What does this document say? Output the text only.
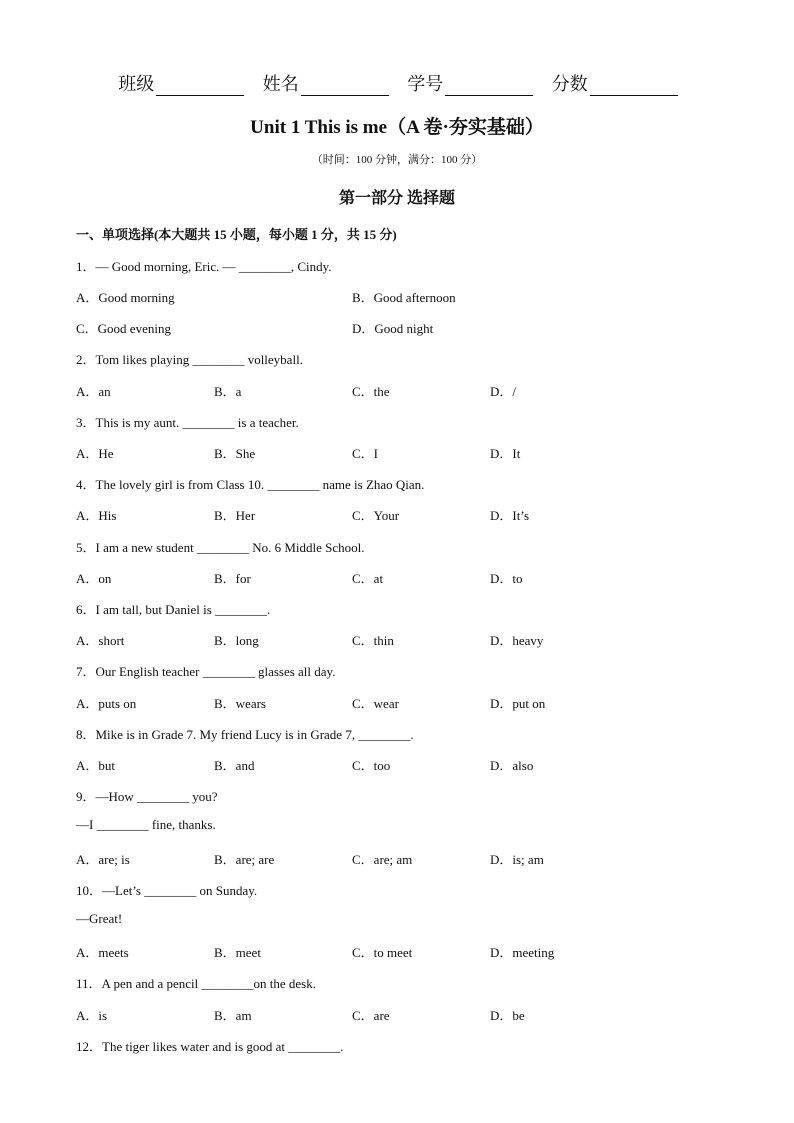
班级	姓名	学号	分数
Unit 1 This is me（A 卷·夯实基础）
（时间：100 分钟，满分：100 分）
第一部分 选择题
一、单项选择(本大题共 15 小题，每小题 1 分，共 15 分)
1．— Good morning, Eric. — ________, Cindy.
A．Good morning	B．Good afternoon
C．Good evening	D．Good night
2．Tom likes playing ________ volleyball.
A．an	B．a	C．the	D．/
3．This is my aunt. ________ is a teacher.
A．He	B．She	C．I	D．It
4．The lovely girl is from Class 10. ________ name is Zhao Qian.
A．His	B．Her	C．Your	D．It’s
5．I am a new student ________ No. 6 Middle School.
A．on	B．for	C．at	D．to
6．I am tall, but Daniel is ________.
A．short	B．long	C．thin	D．heavy
7．Our English teacher ________ glasses all day.
A．puts on	B．wears	C．wear	D．put on
8．Mike is in Grade 7. My friend Lucy is in Grade 7, ________.
A．but	B．and	C．too	D．also
9．—How ________ you?
—I ________ fine, thanks.
A．are; is	B．are; are	C．are; am	D．is; am
10．—Let’s ________ on Sunday.
—Great!
A．meets	B．meet	C．to meet	D．meeting
11．A pen and a pencil ________on the desk.
A．is	B．am	C．are	D．be
12．The tiger likes water and is good at ________.
